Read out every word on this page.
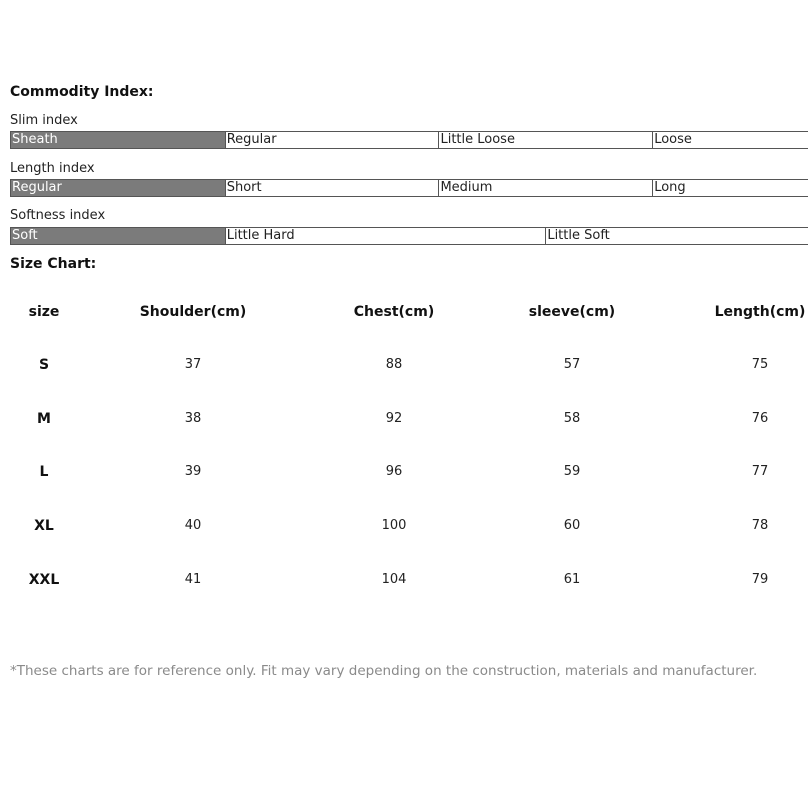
Commodity Index:
Slim index
Sheath	Regular	Little Loose	Loose
Length index
Regular	Short	Medium	Long
Softness index
Soft	Little Hard	Little Soft
Size Chart:
size	Shoulder(cm)	Chest(cm)	sleeve(cm)	Length(cm)
S	37	88	57	75
M	38	92	58	76
L	39	96	59	77
XL	40	100	60	78
XXL	41	104	61	79
*These charts are for reference only. Fit may vary depending on the construction, materials and manufacturer.
